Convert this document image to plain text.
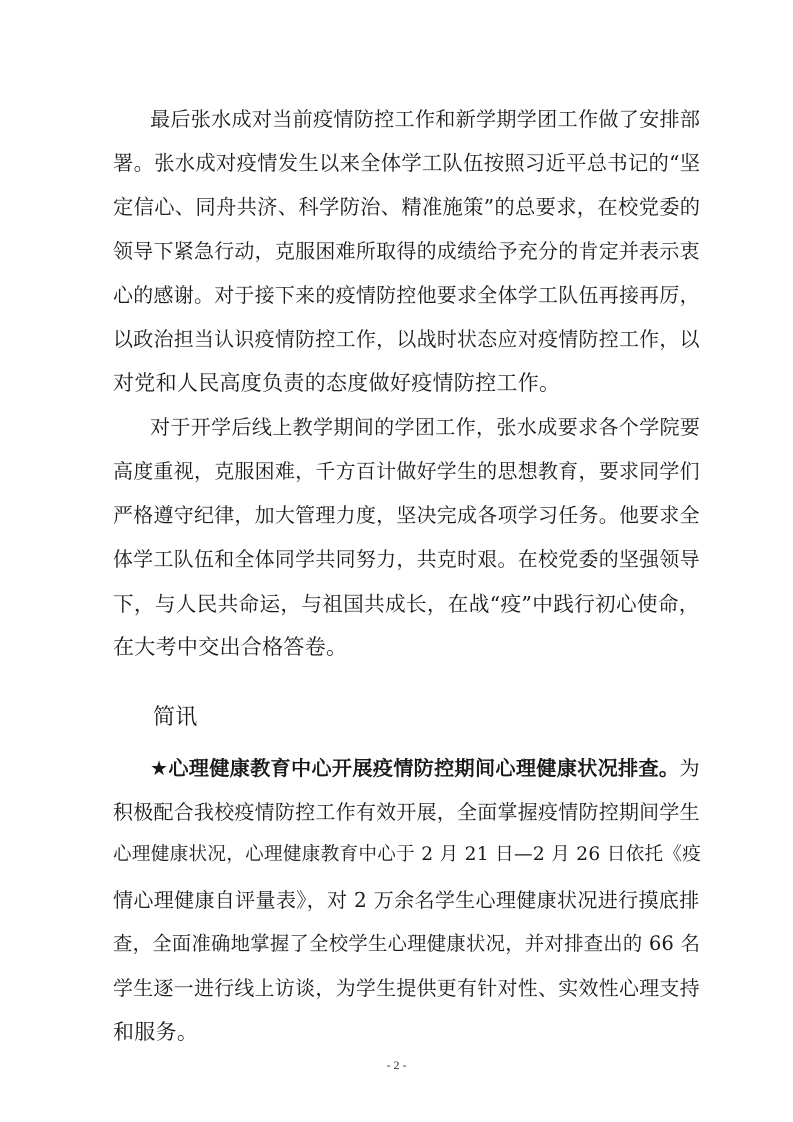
最后张水成对当前疫情防控工作和新学期学团工作做了安排部
署。张水成对疫情发生以来全体学工队伍按照习近平总书记的“坚
定信心、同舟共济、科学防治、精准施策”的总要求，在校党委的
领导下紧急行动，克服困难所取得的成绩给予充分的肯定并表示衷
心的感谢。对于接下来的疫情防控他要求全体学工队伍再接再厉，
以政治担当认识疫情防控工作，以战时状态应对疫情防控工作，以
对党和人民高度负责的态度做好疫情防控工作。
对于开学后线上教学期间的学团工作，张水成要求各个学院要
高度重视，克服困难，千方百计做好学生的思想教育，要求同学们
严格遵守纪律，加大管理力度，坚决完成各项学习任务。他要求全
体学工队伍和全体同学共同努力，共克时艰。在校党委的坚强领导
下，与人民共命运，与祖国共成长，在战“疫”中践行初心使命，
在大考中交出合格答卷。
简讯
★心理健康教育中心开展疫情防控期间心理健康状况排查。为
积极配合我校疫情防控工作有效开展，全面掌握疫情防控期间学生
心理健康状况，心理健康教育中心于 2 月 21 日—2 月 26 日依托《疫
情心理健康自评量表》，对 2 万余名学生心理健康状况进行摸底排
查，全面准确地掌握了全校学生心理健康状况，并对排查出的 66 名
学生逐一进行线上访谈，为学生提供更有针对性、实效性心理支持
和服务。
- 2 -
